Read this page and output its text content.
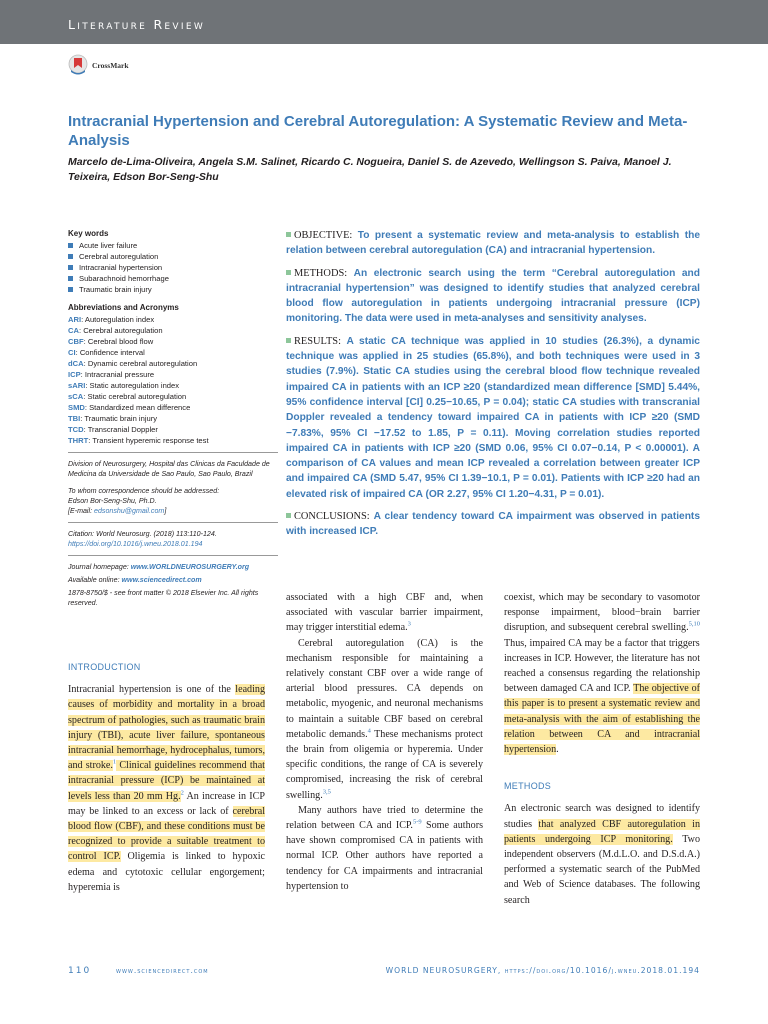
Literature Review
CrossMark
Intracranial Hypertension and Cerebral Autoregulation: A Systematic Review and Meta-Analysis
Marcelo de-Lima-Oliveira, Angela S.M. Salinet, Ricardo C. Nogueira, Daniel S. de Azevedo, Wellingson S. Paiva, Manoel J. Teixeira, Edson Bor-Seng-Shu
Key words
Acute liver failure
Cerebral autoregulation
Intracranial hypertension
Subarachnoid hemorrhage
Traumatic brain injury
Abbreviations and Acronyms
ARI: Autoregulation index
CA: Cerebral autoregulation
CBF: Cerebral blood flow
CI: Confidence interval
dCA: Dynamic cerebral autoregulation
ICP: Intracranial pressure
sARI: Static autoregulation index
sCA: Static cerebral autoregulation
SMD: Standardized mean difference
TBI: Traumatic brain injury
TCD: Transcranial Doppler
THRT: Transient hyperemic response test
Division of Neurosurgery, Hospital das Clinicas da Faculdade de Medicina da Universidade de Sao Paulo, Sao Paulo, Brazil
To whom correspondence should be addressed:
Edson Bor-Seng-Shu, Ph.D.
[E-mail: edsonshu@gmail.com]
Citation: World Neurosurg. (2018) 113:110-124.
https://doi.org/10.1016/j.wneu.2018.01.194
Journal homepage: www.WORLDNEUROSURGERY.org
Available online: www.sciencedirect.com
1878-8750/$ - see front matter © 2018 Elsevier Inc. All rights reserved.

OBJECTIVE: To present a systematic review and meta-analysis to establish the relation between cerebral autoregulation (CA) and intracranial hypertension.

METHODS: An electronic search using the term “Cerebral autoregulation and intracranial hypertension” was designed to identify studies that analyzed cerebral blood flow autoregulation in patients undergoing intracranial pressure (ICP) monitoring. The data were used in meta-analyses and sensitivity analyses.

RESULTS: A static CA technique was applied in 10 studies (26.3%), a dynamic technique was applied in 25 studies (65.8%), and both techniques were used in 3 studies (7.9%). Static CA studies using the cerebral blood flow technique revealed impaired CA in patients with an ICP ≥20 (standardized mean difference [SMD] 5.44%, 95% confidence interval [CI] 0.25−10.65, P = 0.04); static CA studies with transcranial Doppler revealed a tendency toward impaired CA in patients with ICP ≥20 (SMD −7.83%, 95% CI −17.52 to 1.85, P = 0.11). Moving correlation studies reported impaired CA in patients with ICP ≥20 (SMD 0.06, 95% CI 0.07−0.14, P < 0.00001). A comparison of CA values and mean ICP revealed a correlation between greater ICP and impaired CA (SMD 5.47, 95% CI 1.39−10.1, P = 0.01). Patients with ICP ≥20 had an elevated risk of impaired CA (OR 2.27, 95% CI 1.20−4.31, P = 0.01).

CONCLUSIONS: A clear tendency toward CA impairment was observed in patients with increased ICP.

INTRODUCTION

Intracranial hypertension is one of the leading causes of morbidity and mortality in a broad spectrum of pathologies, such as traumatic brain injury (TBI), acute liver failure, spontaneous intracranial hemorrhage, hydrocephalus, tumors, and stroke.$^1$ Clinical guidelines recommend that intracranial pressure (ICP) be maintained at levels less than 20 mm Hg.$^2$ An increase in ICP may be linked to an excess or lack of cerebral blood flow (CBF), and these conditions must be recognized to provide a suitable treatment to control ICP. Oligemia is linked to hypoxic edema and cytotoxic cellular engorgement; hyperemia is

associated with a high CBF and, when associated with vascular barrier impairment, may trigger interstitial edema.$^3$

Cerebral autoregulation (CA) is the mechanism responsible for maintaining a relatively constant CBF over a wide range of arterial blood pressures. CA depends on metabolic, myogenic, and neuronal mechanisms to maintain a suitable CBF based on cerebral metabolic demands.$^4$ These mechanisms protect the brain from oligemia or hyperemia. Under specific conditions, the range of CA is severely compromised, increasing the risk of cerebral swelling.$^{3,5}$

Many authors have tried to determine the relation between CA and ICP.$^{5-9}$ Some authors have shown compromised CA in patients with normal ICP. Other authors have reported a tendency for CA impairments and intracranial hypertension to

coexist, which may be secondary to vasomotor response impairment, blood−brain barrier disruption, and subsequent cerebral swelling.$^{5,10}$ Thus, impaired CA may be a factor that triggers increases in ICP. However, the literature has not reached a consensus regarding the relationship between damaged CA and ICP. The objective of this paper is to present a systematic review and meta-analysis with the aim of establishing the relation between CA and intracranial hypertension.

METHODS

An electronic search was designed to identify studies that analyzed CBF autoregulation in patients undergoing ICP monitoring. Two independent observers (M.d.L.O. and D.S.d.A.) performed a systematic search of the PubMed and Web of Science databases. The following search

110	www.sciencedirect.com	WORLD NEUROSURGERY, https://doi.org/10.1016/j.wneu.2018.01.194
